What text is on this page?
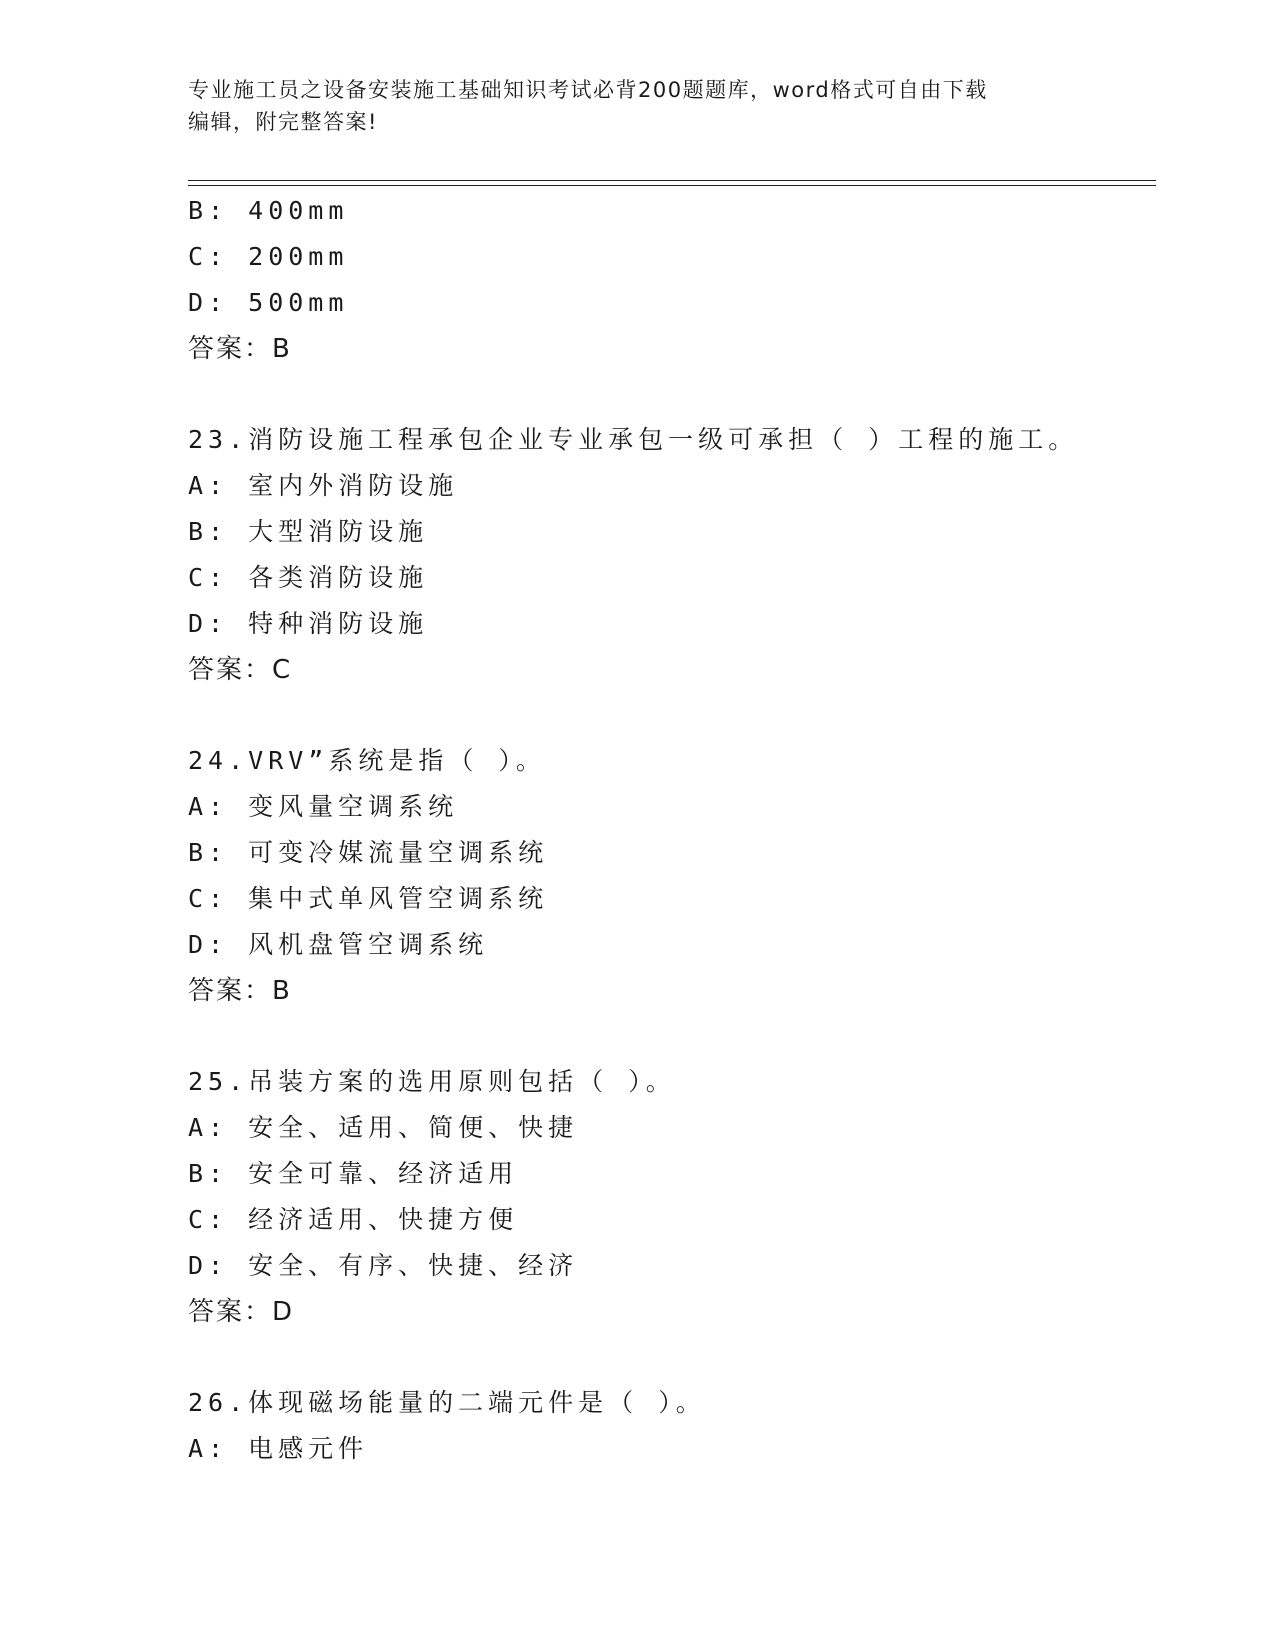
专业施工员之设备安装施工基础知识考试必背200题题库，word格式可自由下载
编辑，附完整答案!
B: 400mm
C: 200mm
D: 500mm
答案：B
23.消防设施工程承包企业专业承包一级可承担（ ）工程的施工。
A: 室内外消防设施
B: 大型消防设施
C: 各类消防设施
D: 特种消防设施
答案：C
24.VRV”系统是指（ ）。
A: 变风量空调系统
B: 可变冷媒流量空调系统
C: 集中式单风管空调系统
D: 风机盘管空调系统
答案：B
25.吊装方案的选用原则包括（ ）。
A: 安全、适用、简便、快捷
B: 安全可靠、经济适用
C: 经济适用、快捷方便
D: 安全、有序、快捷、经济
答案：D
26.体现磁场能量的二端元件是（ ）。
A: 电感元件
